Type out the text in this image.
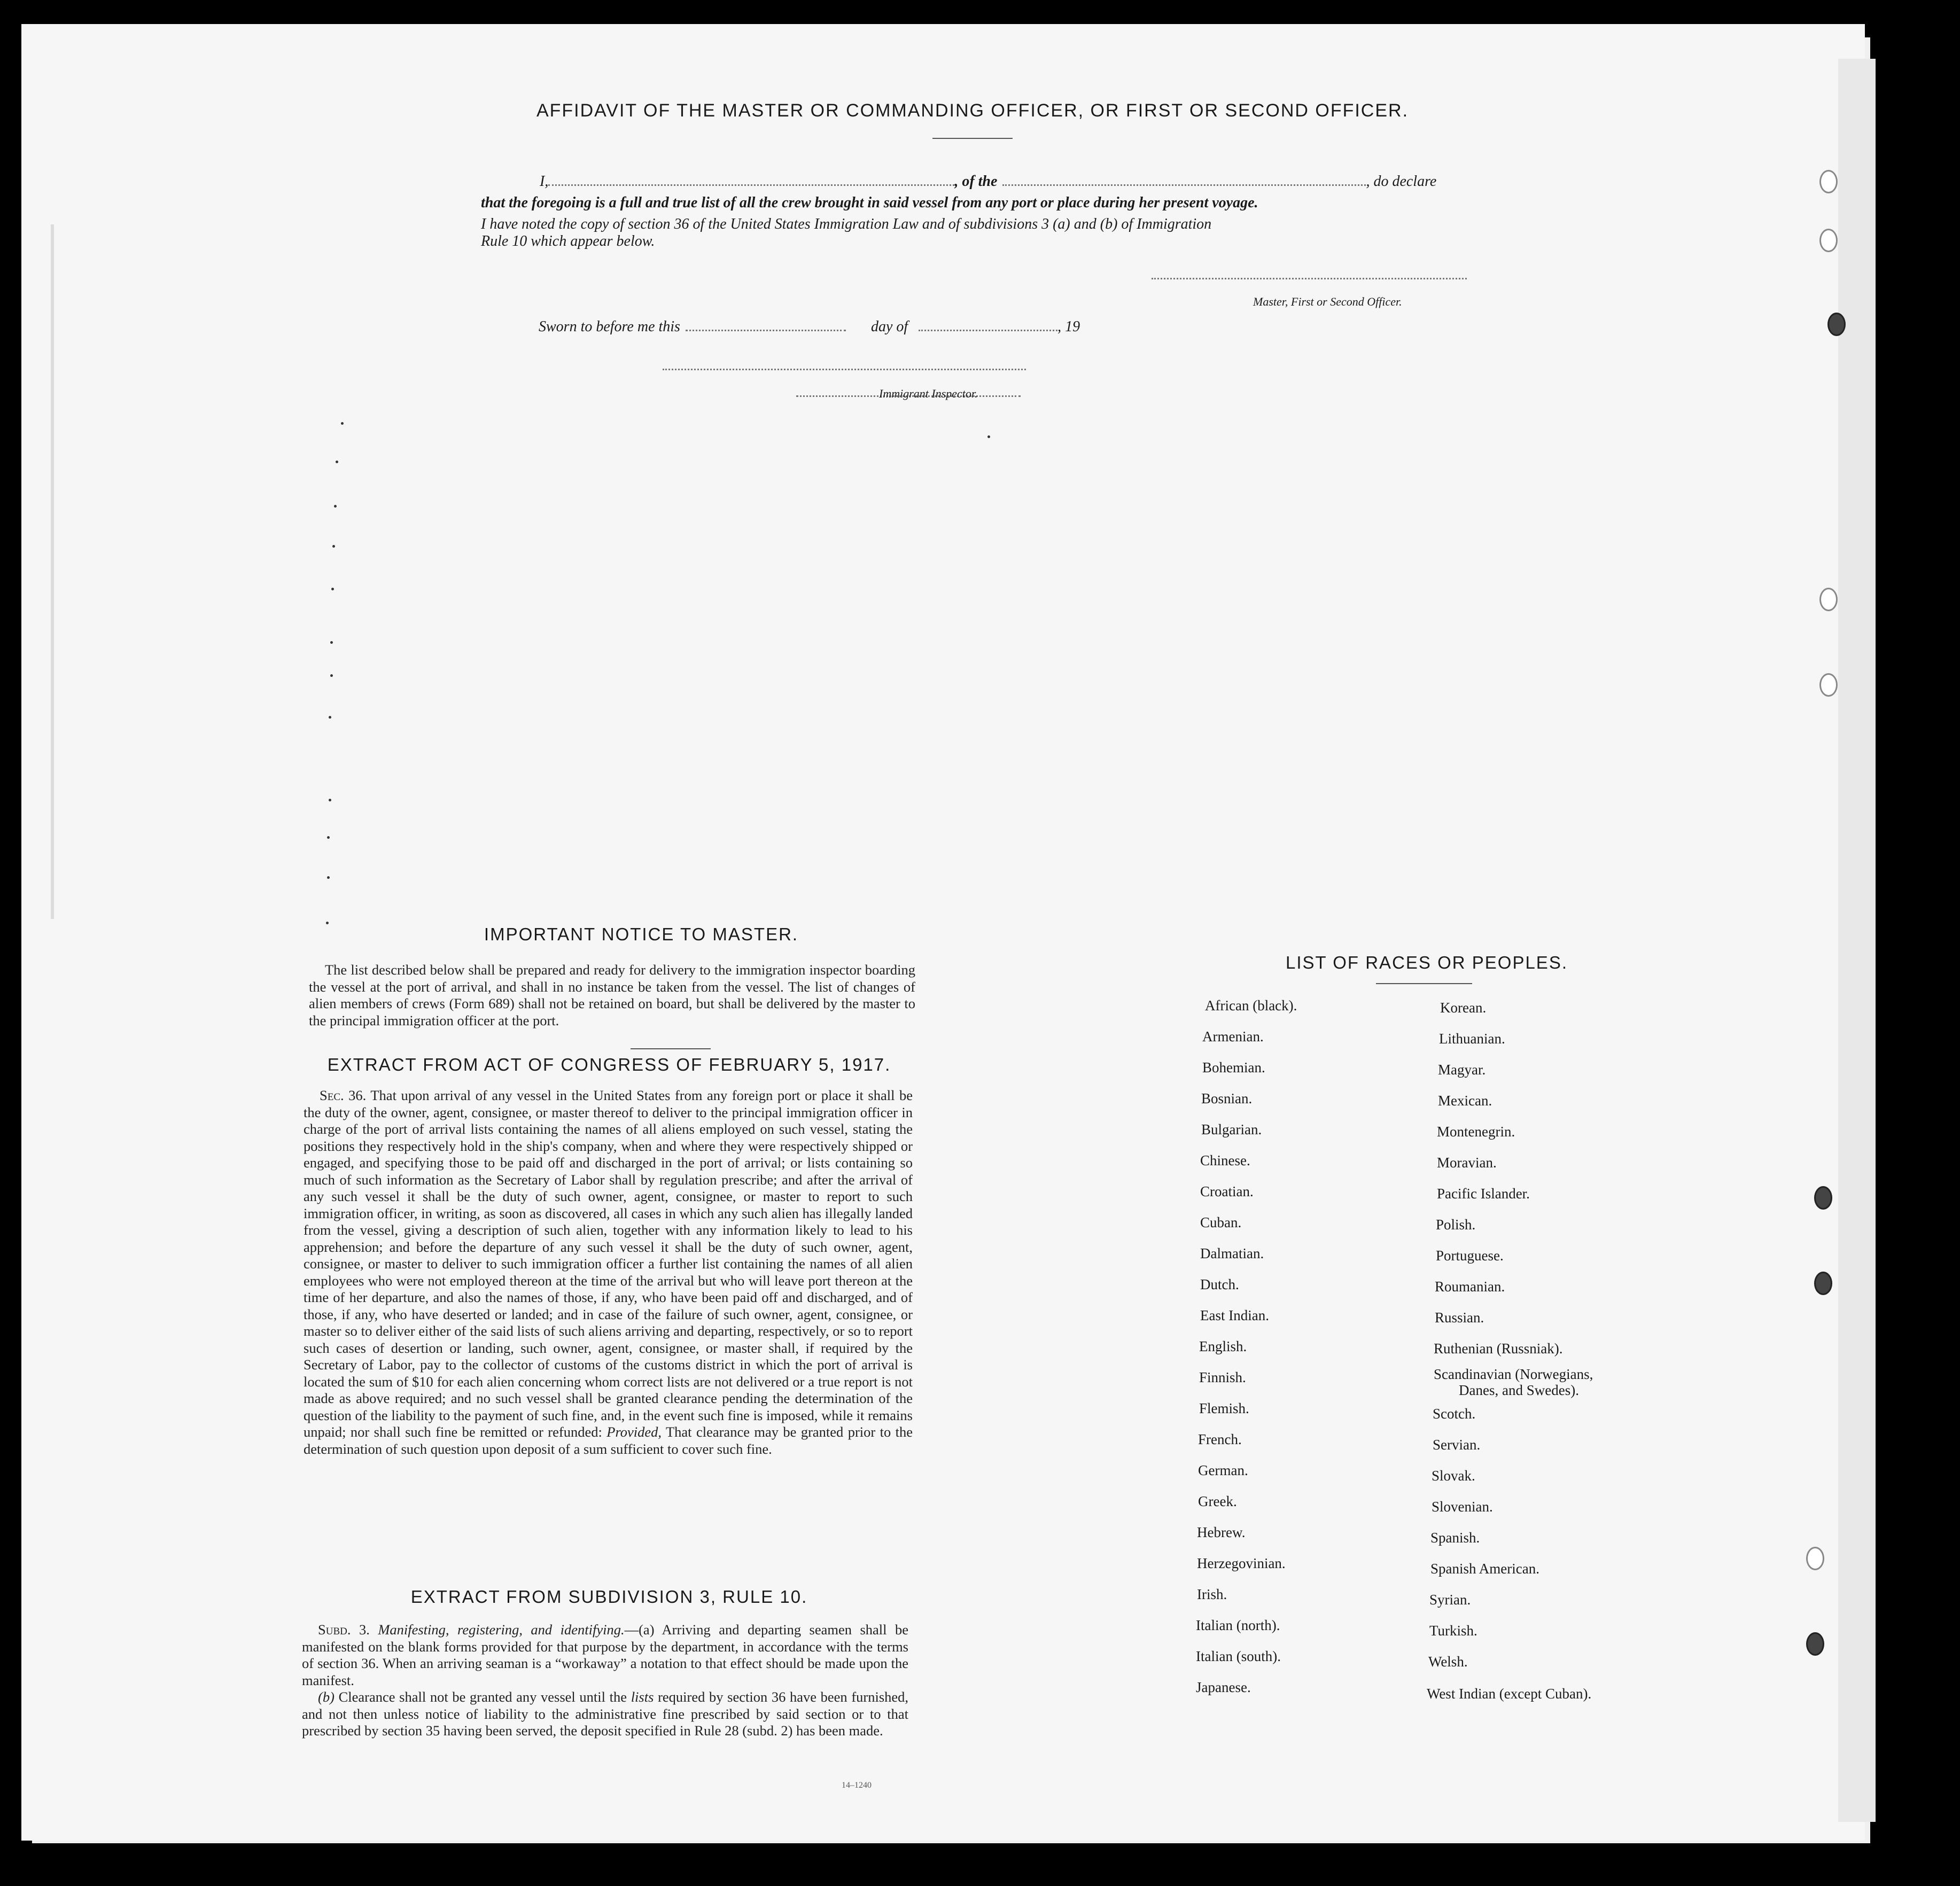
AFFIDAVIT OF THE MASTER OR COMMANDING OFFICER, OR FIRST OR SECOND OFFICER.
I,	, of the	, do declare
that the foregoing is a full and true list of all the crew brought in said vessel from any port or place during her present voyage.
I have noted the copy of section 36 of the United States Immigration Law and of subdivisions 3 (a) and (b) of Immigration
Rule 10 which appear below.
Master, First or Second Officer.
Sworn to before me this	day of	, 19
Immigrant Inspector.
IMPORTANT NOTICE TO MASTER.

The list described below shall be prepared and ready for delivery to the immigration inspector boarding the vessel at the port of arrival, and shall in no instance be taken from the vessel. The list of changes of alien members of crews (Form 689) shall not be retained on board, but shall be delivered by the master to the principal immigration officer at the port.

EXTRACT FROM ACT OF CONGRESS OF FEBRUARY 5, 1917.

Sec. 36. That upon arrival of any vessel in the United States from any foreign port or place it shall be the duty of the owner, agent, consignee, or master thereof to deliver to the principal immigration officer in charge of the port of arrival lists containing the names of all aliens employed on such vessel, stating the positions they respectively hold in the ship's company, when and where they were respectively shipped or engaged, and specifying those to be paid off and discharged in the port of arrival; or lists containing so much of such information as the Secretary of Labor shall by regulation prescribe; and after the arrival of any such vessel it shall be the duty of such owner, agent, consignee, or master to report to such immigration officer, in writing, as soon as discovered, all cases in which any such alien has illegally landed from the vessel, giving a description of such alien, together with any information likely to lead to his apprehension; and before the departure of any such vessel it shall be the duty of such owner, agent, consignee, or master to deliver to such immigration officer a further list containing the names of all alien employees who were not employed thereon at the time of the arrival but who will leave port thereon at the time of her departure, and also the names of those, if any, who have been paid off and discharged, and of those, if any, who have deserted or landed; and in case of the failure of such owner, agent, consignee, or master so to deliver either of the said lists of such aliens arriving and departing, respectively, or so to report such cases of desertion or landing, such owner, agent, consignee, or master shall, if required by the Secretary of Labor, pay to the collector of customs of the customs district in which the port of arrival is located the sum of $10 for each alien concerning whom correct lists are not delivered or a true report is not made as above required; and no such vessel shall be granted clearance pending the determination of the question of the liability to the payment of such fine, and, in the event such fine is imposed, while it remains unpaid; nor shall such fine be remitted or refunded: Provided, That clearance may be granted prior to the determination of such question upon deposit of a sum sufficient to cover such fine.

EXTRACT FROM SUBDIVISION 3, RULE 10.

Subd. 3. Manifesting, registering, and identifying.—(a) Arriving and departing seamen shall be manifested on the blank forms provided for that purpose by the department, in accordance with the terms of section 36. When an arriving seaman is a “workaway” a notation to that effect should be made upon the manifest.

(b) Clearance shall not be granted any vessel until the lists required by section 36 have been furnished, and not then unless notice of liability to the administrative fine prescribed by said section or to that prescribed by section 35 having been served, the deposit specified in Rule 28 (subd. 2) has been made.

14–1240
LIST OF RACES OR PEOPLES.
African (black).
Armenian.
Bohemian.
Bosnian.
Bulgarian.
Chinese.
Croatian.
Cuban.
Dalmatian.
Dutch.
East Indian.
English.
Finnish.
Flemish.
French.
German.
Greek.
Hebrew.
Herzegovinian.
Irish.
Italian (north).
Italian (south).
Japanese.
Korean.
Lithuanian.
Magyar.
Mexican.
Montenegrin.
Moravian.
Pacific Islander.
Polish.
Portuguese.
Roumanian.
Russian.
Ruthenian (Russniak).
Scandinavian (Norwegians,
Danes, and Swedes).
Scotch.
Servian.
Slovak.
Slovenian.
Spanish.
Spanish American.
Syrian.
Turkish.
Welsh.
West Indian (except Cuban).
